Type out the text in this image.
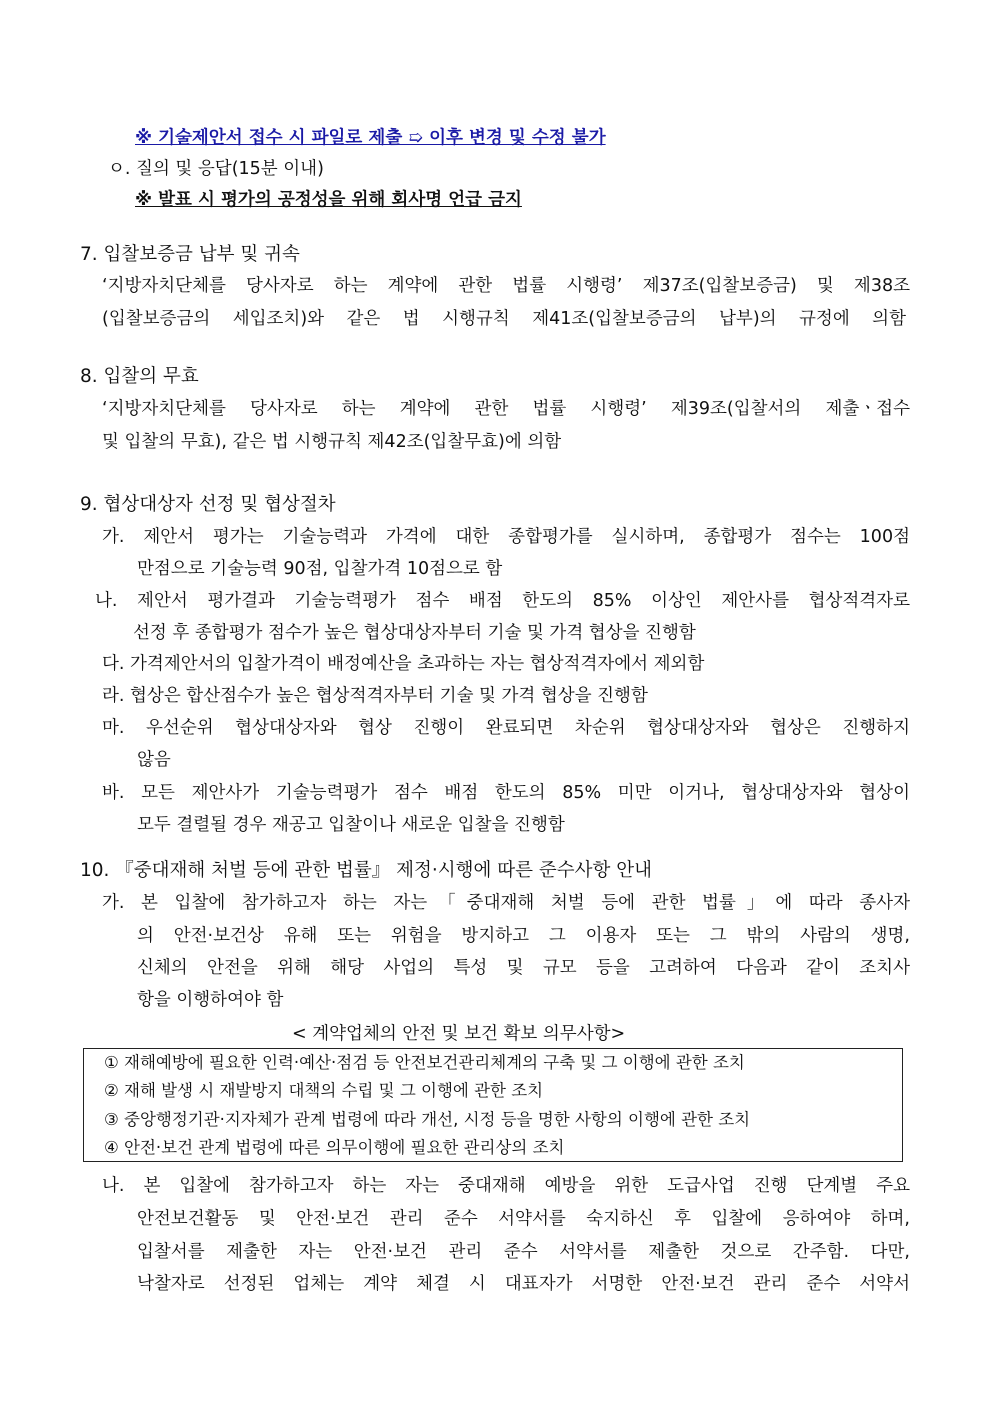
※ 기술제안서 접수 시 파일로 제출 ➯ 이후 변경 및 수정 불가
ㅇ. 질의 및 응답(15분 이내)
※ 발표 시 평가의 공정성을 위해 회사명 언급 금지
7. 입찰보증금 납부 및 귀속
‘지방자치단체를 당사자로 하는 계약에 관한 법률 시행령’ 제37조(입찰보증금) 및 제38조
(입찰보증금의 세입조치)와 같은 법 시행규칙 제41조(입찰보증금의 납부)의 규정에 의함
8. 입찰의 무효
‘지방자치단체를 당사자로 하는 계약에 관한 법률 시행령’ 제39조(입찰서의 제출ㆍ접수
및 입찰의 무효), 같은 법 시행규칙 제42조(입찰무효)에 의함
9. 협상대상자 선정 및 협상절차
가. 제안서 평가는 기술능력과 가격에 대한 종합평가를 실시하며, 종합평가 점수는 100점
만점으로 기술능력 90점, 입찰가격 10점으로 함
나. 제안서 평가결과 기술능력평가 점수 배점 한도의 85% 이상인 제안사를 협상적격자로
선정 후 종합평가 점수가 높은 협상대상자부터 기술 및 가격 협상을 진행함
다. 가격제안서의 입찰가격이 배정예산을 초과하는 자는 협상적격자에서 제외함
라. 협상은 합산점수가 높은 협상적격자부터 기술 및 가격 협상을 진행함
마. 우선순위 협상대상자와 협상 진행이 완료되면 차순위 협상대상자와 협상은 진행하지
않음
바. 모든 제안사가 기술능력평가 점수 배점 한도의 85% 미만 이거나, 협상대상자와 협상이
모두 결렬될 경우 재공고 입찰이나 새로운 입찰을 진행함
10. 『중대재해 처벌 등에 관한 법률』 제정·시행에 따른 준수사항 안내
가. 본 입찰에 참가하고자 하는 자는「중대재해 처벌 등에 관한 법률」에 따라 종사자
의 안전·보건상 유해 또는 위험을 방지하고 그 이용자 또는 그 밖의 사람의 생명,
신체의 안전을 위해 해당 사업의 특성 및 규모 등을 고려하여 다음과 같이 조치사
항을 이행하여야 함
< 계약업체의 안전 및 보건 확보 의무사항>
① 재해예방에 필요한 인력·예산·점검 등 안전보건관리체계의 구축 및 그 이행에 관한 조치
② 재해 발생 시 재발방지 대책의 수립 및 그 이행에 관한 조치
③ 중앙행정기관·지자체가 관계 법령에 따라 개선, 시정 등을 명한 사항의 이행에 관한 조치
④ 안전·보건 관계 법령에 따른 의무이행에 필요한 관리상의 조치
나. 본 입찰에 참가하고자 하는 자는 중대재해 예방을 위한 도급사업 진행 단계별 주요
안전보건활동 및 안전·보건 관리 준수 서약서를 숙지하신 후 입찰에 응하여야 하며,
입찰서를 제출한 자는 안전·보건 관리 준수 서약서를 제출한 것으로 간주함. 다만,
낙찰자로 선정된 업체는 계약 체결 시 대표자가 서명한 안전·보건 관리 준수 서약서
